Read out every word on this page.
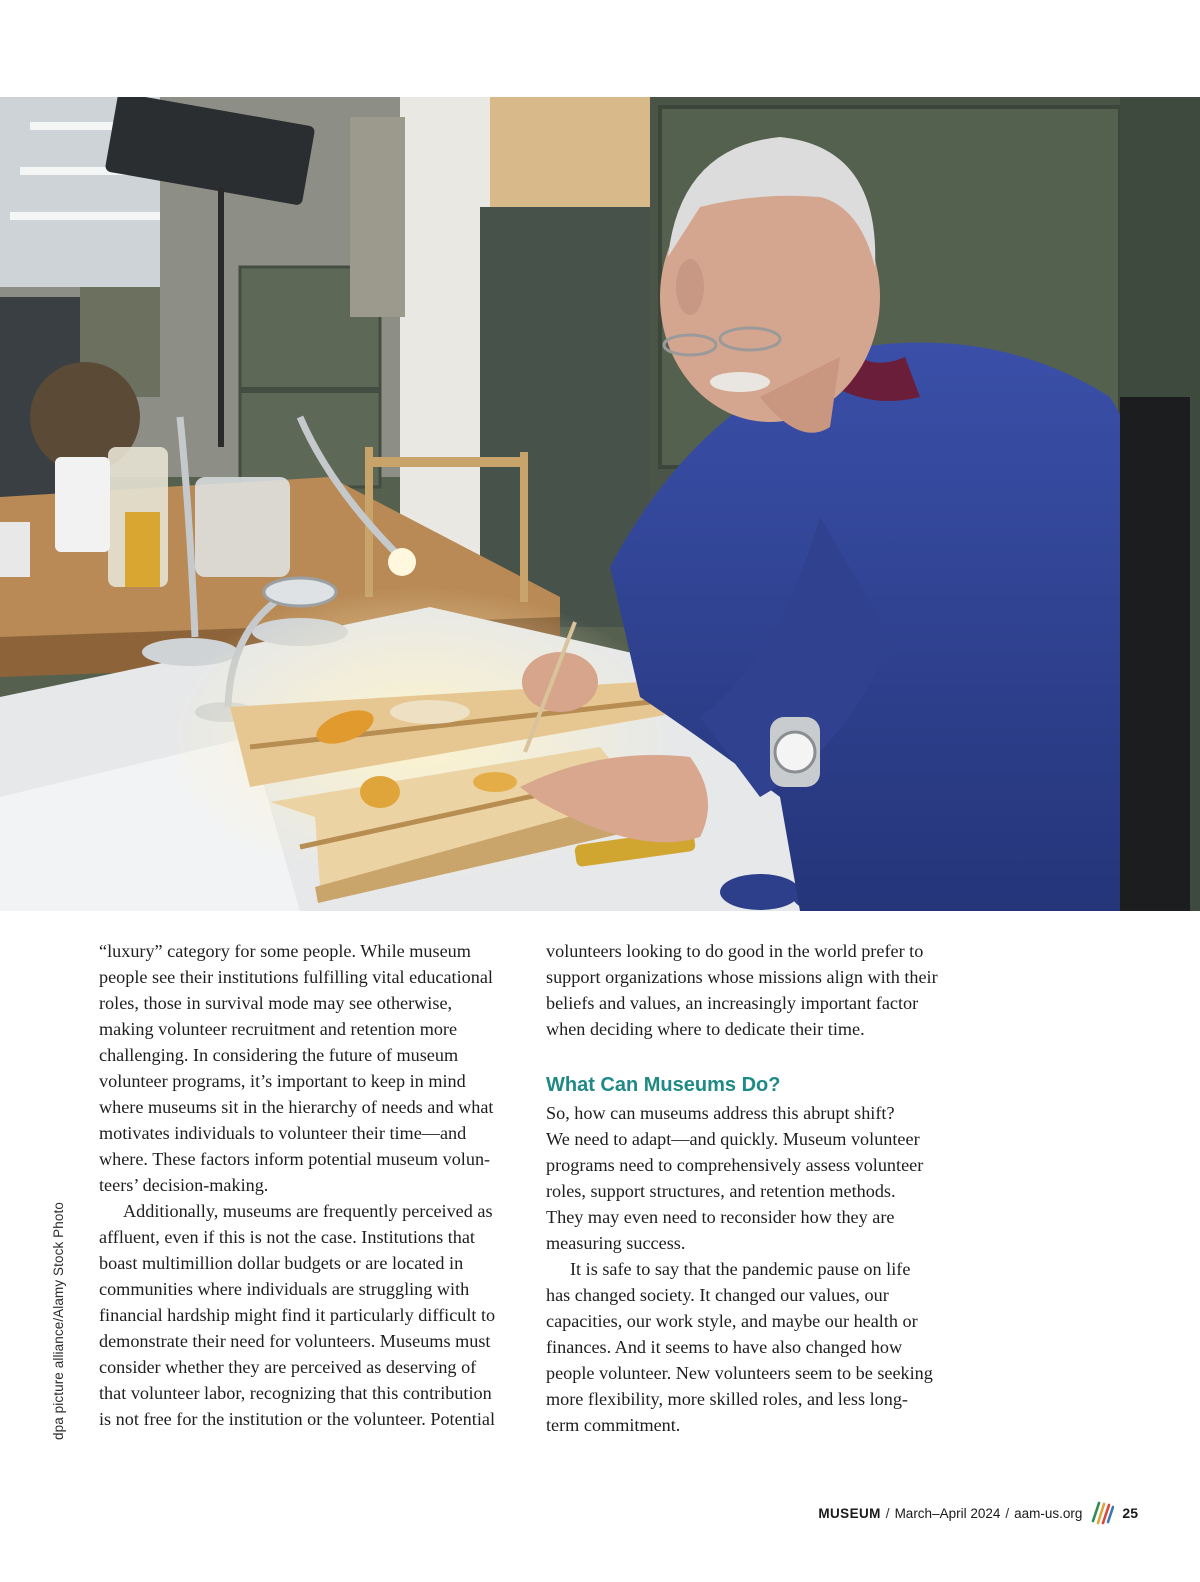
dpa picture alliance/Alamy Stock Photo

“luxury” category for some people. While museum
people see their institutions fulfilling vital educational
roles, those in survival mode may see otherwise,
making volunteer recruitment and retention more
challenging. In considering the future of museum
volunteer programs, it’s important to keep in mind
where museums sit in the hierarchy of needs and what
motivates individuals to volunteer their time—and
where. These factors inform potential museum volun-
teers’ decision-making.

Additionally, museums are frequently perceived as
affluent, even if this is not the case. Institutions that
boast multimillion dollar budgets or are located in
communities where individuals are struggling with
financial hardship might find it particularly difficult to
demonstrate their need for volunteers. Museums must
consider whether they are perceived as deserving of
that volunteer labor, recognizing that this contribution
is not free for the institution or the volunteer. Potential

volunteers looking to do good in the world prefer to
support organizations whose missions align with their
beliefs and values, an increasingly important factor
when deciding where to dedicate their time.

What Can Museums Do?

So, how can museums address this abrupt shift?
We need to adapt—and quickly. Museum volunteer
programs need to comprehensively assess volunteer
roles, support structures, and retention methods.
They may even need to reconsider how they are
measuring success.

It is safe to say that the pandemic pause on life
has changed society. It changed our values, our
capacities, our work style, and maybe our health or
finances. And it seems to have also changed how
people volunteer. New volunteers seem to be seeking
more flexibility, more skilled roles, and less long-
term commitment.

MUSEUM / March–April 2024 / aam-us.org	25
